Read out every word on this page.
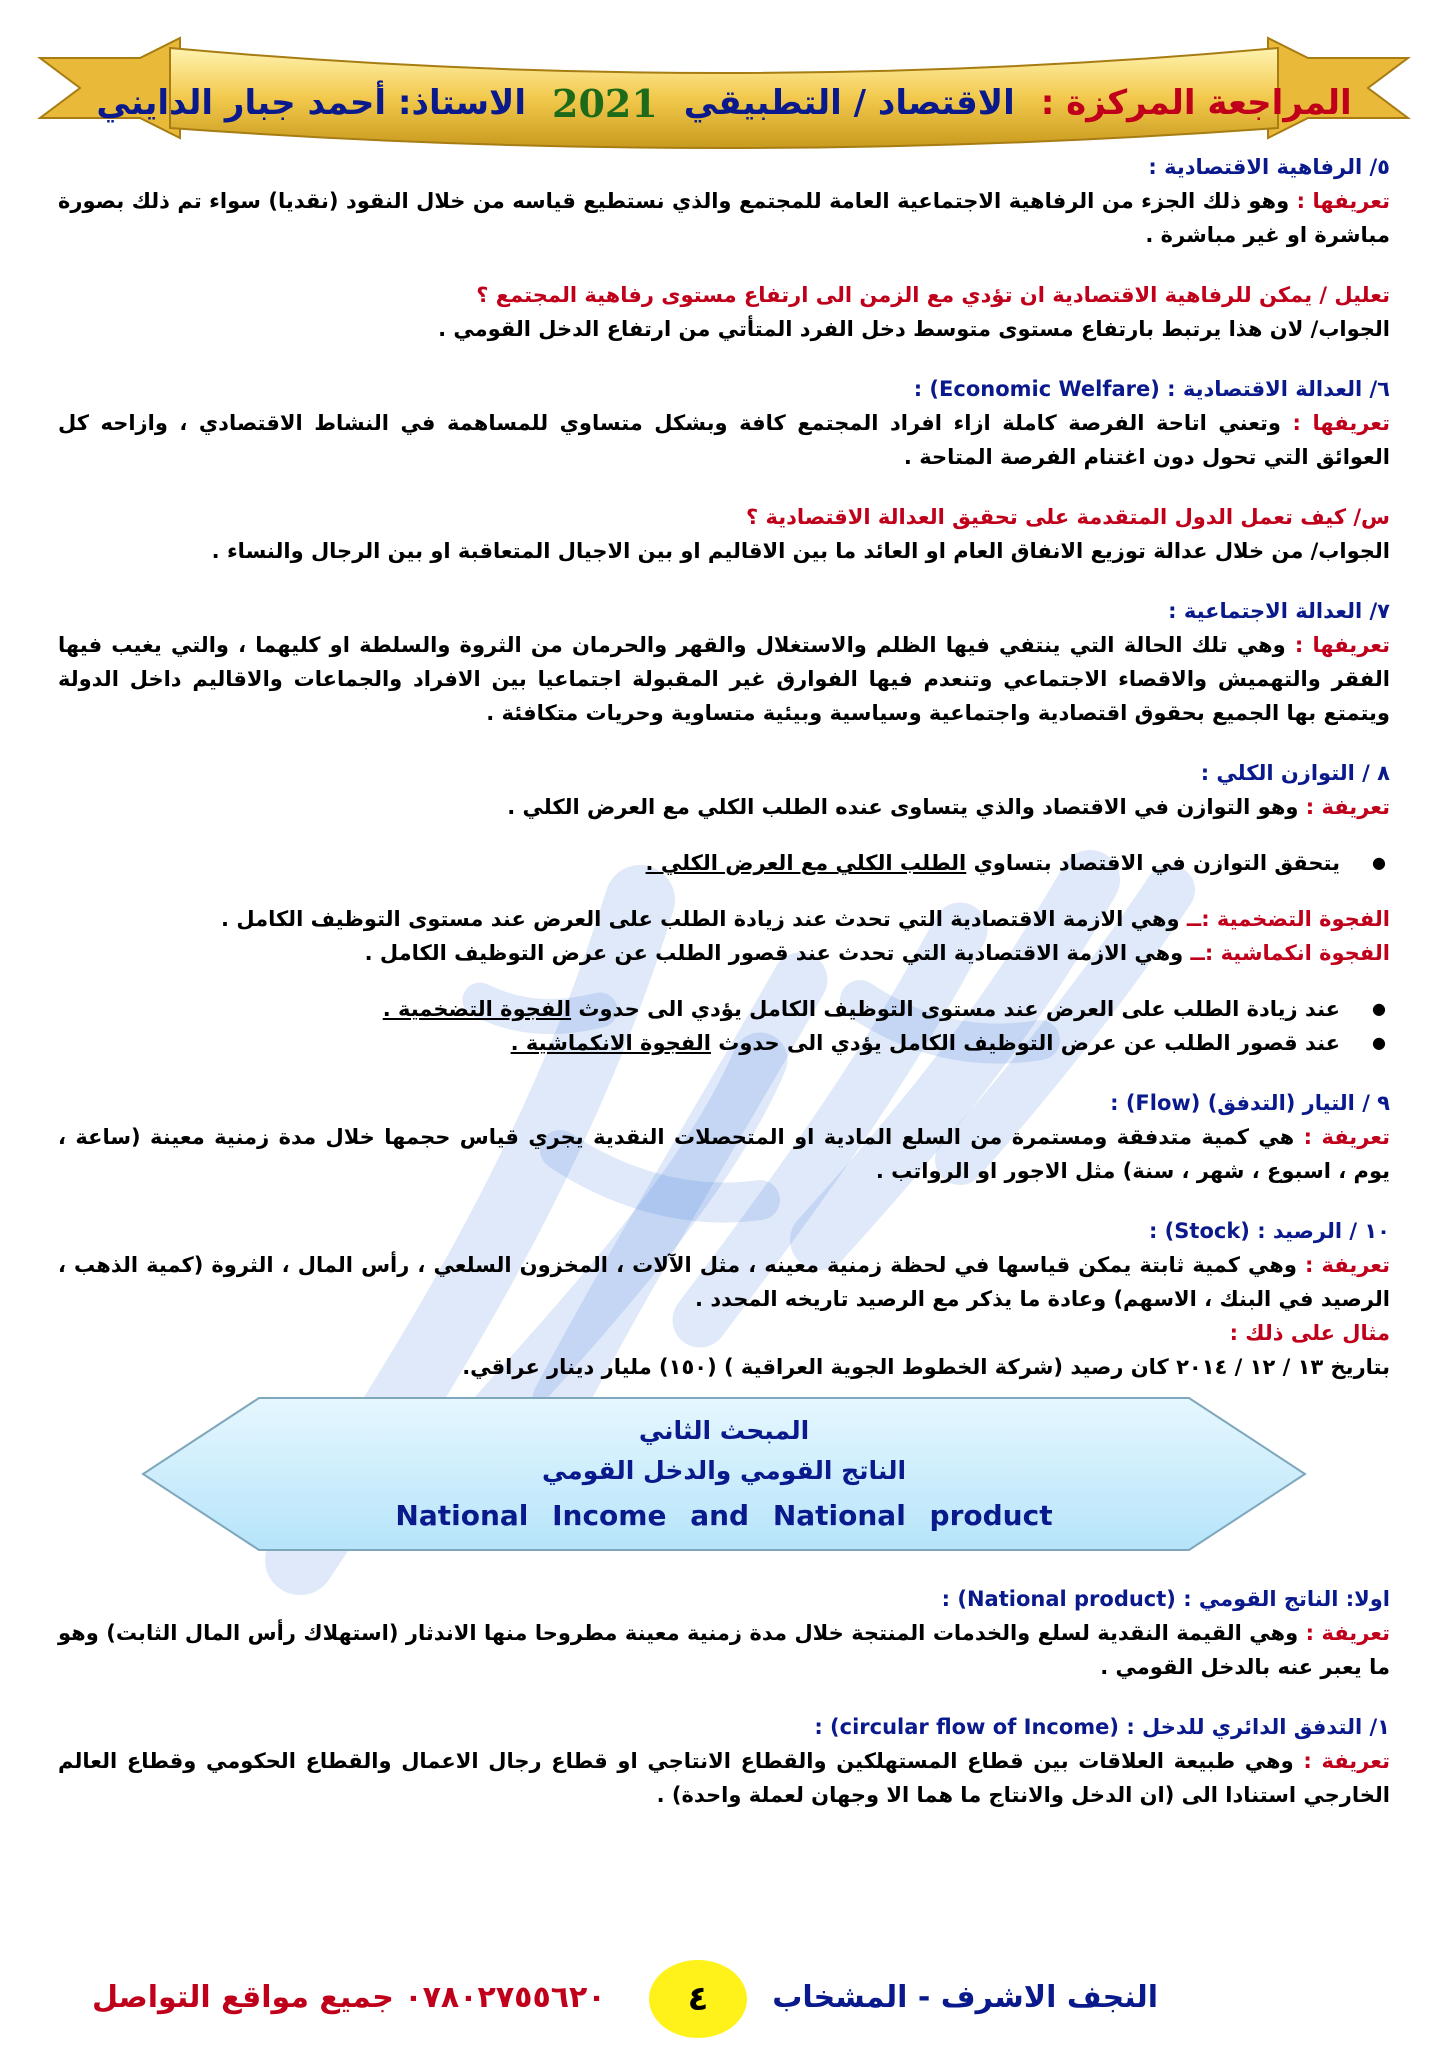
المراجعة المركزة :
الاقتصاد / التطبيقي
2021
الاستاذ: أحمد جبار الدايني

٥/ الرفاهية الاقتصادية :

تعريفها : وهو ذلك الجزء من الرفاهية الاجتماعية العامة للمجتمع والذي نستطيع قياسه من خلال النقود (نقديا) سواء تم ذلك بصورة مباشرة او غير مباشرة .

تعليل / يمكن للرفاهية الاقتصادية ان تؤدي مع الزمن الى ارتفاع مستوى رفاهية المجتمع ؟

الجواب/ لان هذا يرتبط بارتفاع مستوى متوسط دخل الفرد المتأتي من ارتفاع الدخل القومي .

٦/ العدالة الاقتصادية : (Economic Welfare) :

تعريفها : وتعني اتاحة الفرصة كاملة ازاء افراد المجتمع كافة وبشكل متساوي للمساهمة في النشاط الاقتصادي ، وازاحه كل العوائق التي تحول دون اغتنام الفرصة المتاحة .

س/ كيف تعمل الدول المتقدمة على تحقيق العدالة الاقتصادية ؟

الجواب/ من خلال عدالة توزيع الانفاق العام او العائد ما بين الاقاليم او بين الاجيال المتعاقبة او بين الرجال والنساء .

٧/ العدالة الاجتماعية :

تعريفها : وهي تلك الحالة التي ينتفي فيها الظلم والاستغلال والقهر والحرمان من الثروة والسلطة او كليهما ، والتي يغيب فيها الفقر والتهميش والاقصاء الاجتماعي وتنعدم فيها الفوارق غير المقبولة اجتماعيا بين الافراد والجماعات والاقاليم داخل الدولة ويتمتع بها الجميع بحقوق اقتصادية واجتماعية وسياسية وبيئية متساوية وحريات متكافئة .

٨ / التوازن الكلي :

تعريفة : وهو التوازن في الاقتصاد والذي يتساوى عنده الطلب الكلي مع العرض الكلي .

● يتحقق التوازن في الاقتصاد بتساوي الطلب الكلي مع العرض الكلي .

الفجوة التضخمية :ــ وهي الازمة الاقتصادية التي تحدث عند زيادة الطلب على العرض عند مستوى التوظيف الكامل .

الفجوة انكماشية :ــ وهي الازمة الاقتصادية التي تحدث عند قصور الطلب عن عرض التوظيف الكامل .

● عند زيادة الطلب على العرض عند مستوى التوظيف الكامل يؤدي الى حدوث الفجوة التضخمية .
● عند قصور الطلب عن عرض التوظيف الكامل يؤدي الى حدوث الفجوة الانكماشية .

٩ / التيار (التدفق) (Flow) :

تعريفة : هي كمية متدفقة ومستمرة من السلع المادية او المتحصلات النقدية يجري قياس حجمها خلال مدة زمنية معينة (ساعة ، يوم ، اسبوع ، شهر ، سنة) مثل الاجور او الرواتب .

١٠ / الرصيد : (Stock) :

تعريفة : وهي كمية ثابتة يمكن قياسها في لحظة زمنية معينه ، مثل الآلات ، المخزون السلعي ، رأس المال ، الثروة (كمية الذهب ، الرصيد في البنك ، الاسهم) وعادة ما يذكر مع الرصيد تاريخه المحدد .

مثال على ذلك :

بتاريخ ١٣ / ١٢ / ٢٠١٤ كان رصيد (شركة الخطوط الجوية العراقية ) (١٥٠) مليار دينار عراقي.

المبحث الثاني
الناتج القومي والدخل القومي
National Income and National product

اولا: الناتج القومي : (National product) :

تعريفة : وهي القيمة النقدية لسلع والخدمات المنتجة خلال مدة زمنية معينة مطروحا منها الاندثار (استهلاك رأس المال الثابت) وهو ما يعبر عنه بالدخل القومي .

١/ التدفق الدائري للدخل : (circular flow of Income) :

تعريفة : وهي طبيعة العلاقات بين قطاع المستهلكين والقطاع الانتاجي او قطاع رجال الاعمال والقطاع الحكومي وقطاع العالم الخارجي استنادا الى (ان الدخل والانتاج ما هما الا وجهان لعملة واحدة) .

٠٧٨٠٢٧٥٥٦٢٠ جميع مواقع التواصل ٤ النجف الاشرف - المشخاب
